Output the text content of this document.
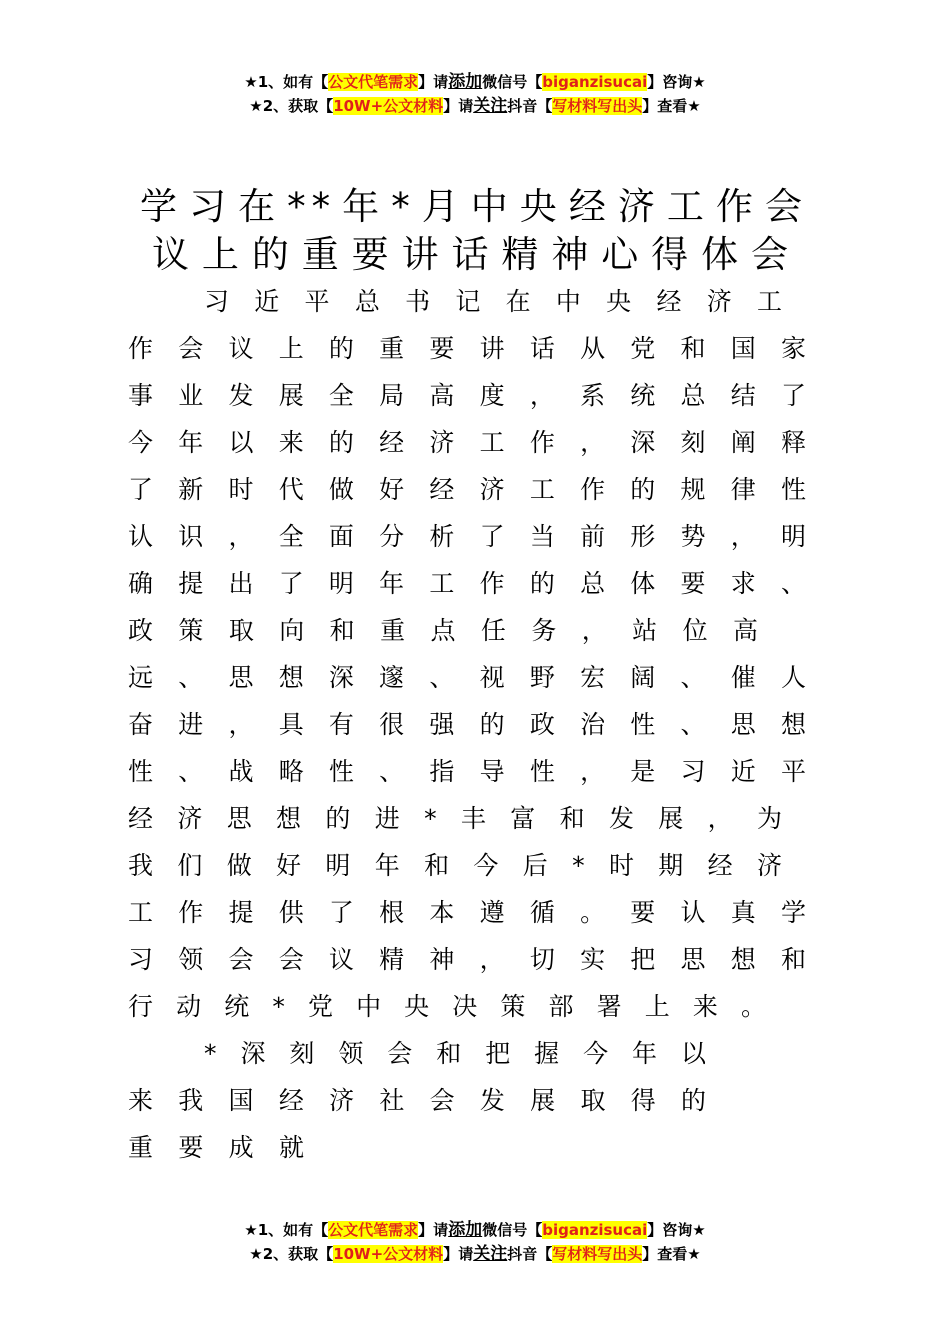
★1、如有【公文代笔需求】请添加微信号【biganzisucai】咨询★
★2、获取【10W+公文材料】请关注抖音【写材料写出头】查看★
学习在**年*月中央经济工作会
议上的重要讲话精神心得体会
习近平总书记在中央经济工
作会议上的重要讲话从党和国家
事业发展全局高度，系统总结了
今年以来的经济工作，深刻阐释
了新时代做好经济工作的规律性
认识，全面分析了当前形势，明
确提出了明年工作的总体要求、
政策取向和重点任务，站位高
远、思想深邃、视野宏阔、催人
奋进，具有很强的政治性、思想
性、战略性、指导性，是习近平
经济思想的进*丰富和发展，为
我们做好明年和今后*时期经济
工作提供了根本遵循。要认真学
习领会会议精神，切实把思想和
行动统*党中央决策部署上来。
*深刻领会和把握今年以
来我国经济社会发展取得的
重要成就
★1、如有【公文代笔需求】请添加微信号【biganzisucai】咨询★
★2、获取【10W+公文材料】请关注抖音【写材料写出头】查看★
